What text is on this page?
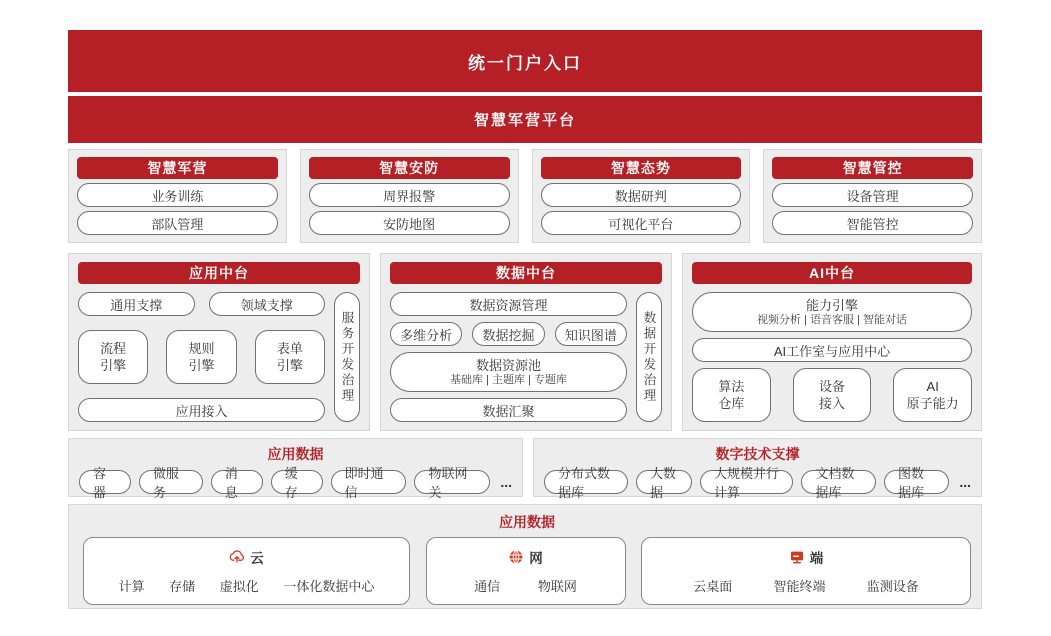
统一门户入口
智慧军营平台
智慧军营
业务训练
部队管理
智慧安防
周界报警
安防地图
智慧态势
数据研判
可视化平台
智慧管控
设备管理
智能管控
应用中台
通用支撑	领域支撑
流程
引擎
规则
引擎
表单
引擎
应用接入
服务开发治理
数据中台
数据资源管理
多维分析	数据挖掘	知识图谱
数据资源池
基础库 | 主题库 | 专题库
数据汇聚
数据开发治理
AI中台
能力引擎
视频分析 | 语音客服 | 智能对话
AI工作室与应用中心
算法
仓库
设备
接入
AI
原子能力
应用数据
容器
微服务
消息
缓存
即时通信
物联网关
...
数字技术支撑
分布式数据库
大数据
大规模并行计算
文档数据库
图数据库
...
应用数据
云
计算 存储 虚拟化 一体化数据中心
网
通信	物联网
端
云桌面	智能终端	监测设备
